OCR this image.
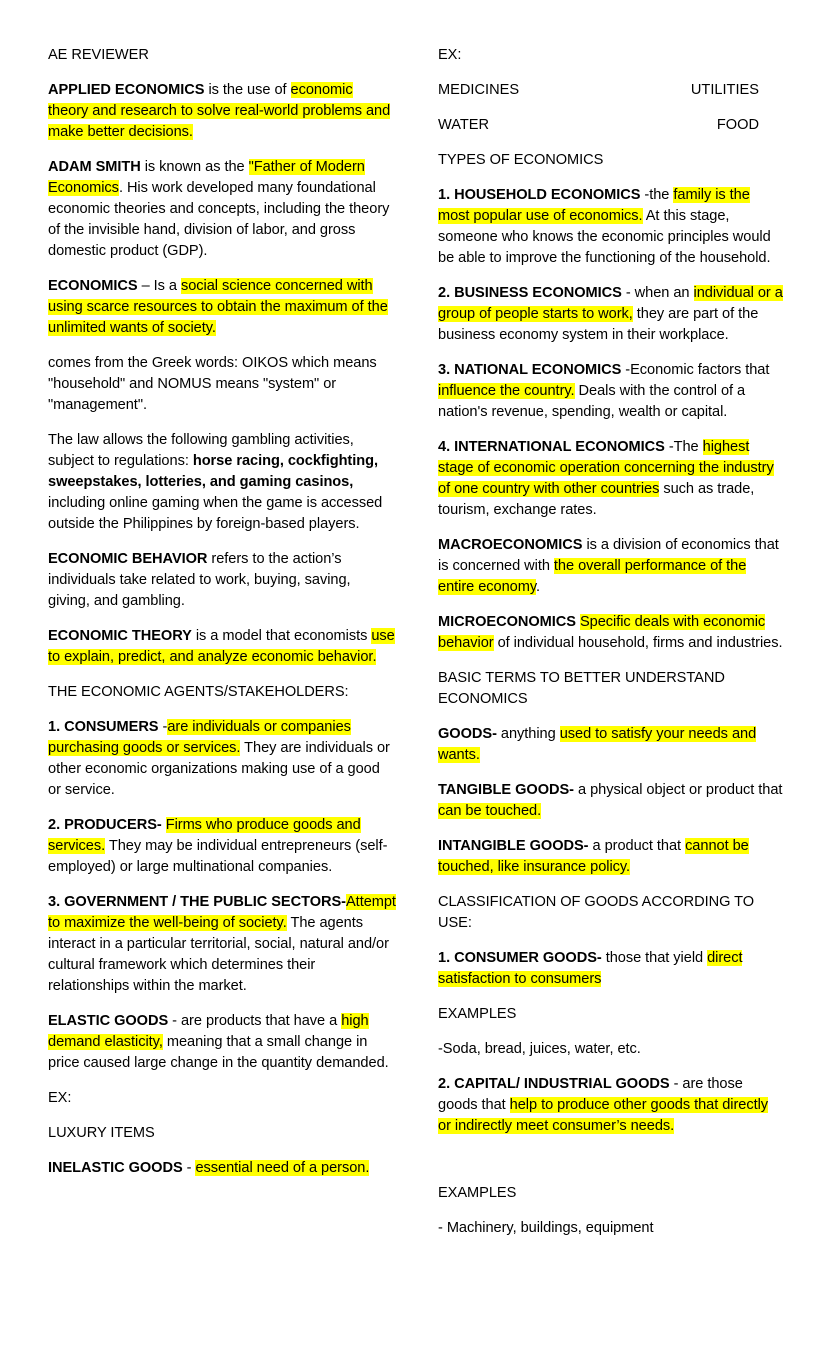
AE REVIEWER

APPLIED ECONOMICS is the use of economic theory and research to solve real-world problems and make better decisions.

ADAM SMITH is known as the "Father of Modern Economics. His work developed many foundational economic theories and concepts, including the theory of the invisible hand, division of labor, and gross domestic product (GDP).

ECONOMICS – Is a social science concerned with using scarce resources to obtain the maximum of the unlimited wants of society.

comes from the Greek words: OIKOS which means "household" and NOMUS means "system" or "management".

The law allows the following gambling activities, subject to regulations: horse racing, cockfighting, sweepstakes, lotteries, and gaming casinos, including online gaming when the game is accessed outside the Philippines by foreign-based players.

ECONOMIC BEHAVIOR refers to the action’s individuals take related to work, buying, saving, giving, and gambling.

ECONOMIC THEORY is a model that economists use to explain, predict, and analyze economic behavior.

THE ECONOMIC AGENTS/STAKEHOLDERS:

1. CONSUMERS -are individuals or companies purchasing goods or services. They are individuals or other economic organizations making use of a good or service.

2. PRODUCERS- Firms who produce goods and services. They may be individual entrepreneurs (self-employed) or large multinational companies.

3. GOVERNMENT / THE PUBLIC SECTORS-Attempt to maximize the well-being of society. The agents interact in a particular territorial, social, natural and/or cultural framework which determines their relationships within the market.

ELASTIC GOODS - are products that have a high demand elasticity, meaning that a small change in price caused large change in the quantity demanded.

EX:

LUXURY ITEMS

INELASTIC GOODS - essential need of a person.

EX:

MEDICINES	UTILITIES
WATER	FOOD

TYPES OF ECONOMICS

1. HOUSEHOLD ECONOMICS -the family is the most popular use of economics. At this stage, someone who knows the economic principles would be able to improve the functioning of the household.

2. BUSINESS ECONOMICS - when an individual or a group of people starts to work, they are part of the business economy system in their workplace.

3. NATIONAL ECONOMICS -Economic factors that influence the country. Deals with the control of a nation's revenue, spending, wealth or capital.

4. INTERNATIONAL ECONOMICS -The highest stage of economic operation concerning the industry of one country with other countries such as trade, tourism, exchange rates.

MACROECONOMICS is a division of economics that is concerned with the overall performance of the entire economy.

MICROECONOMICS Specific deals with economic behavior of individual household, firms and industries.

BASIC TERMS TO BETTER UNDERSTAND ECONOMICS

GOODS- anything used to satisfy your needs and wants.

TANGIBLE GOODS- a physical object or product that can be touched.

INTANGIBLE GOODS- a product that cannot be touched, like insurance policy.

CLASSIFICATION OF GOODS ACCORDING TO USE:

1. CONSUMER GOODS- those that yield direct satisfaction to consumers

EXAMPLES

-Soda, bread, juices, water, etc.

2. CAPITAL/ INDUSTRIAL GOODS - are those goods that help to produce other goods that directly or indirectly meet consumer’s needs.

EXAMPLES

- Machinery, buildings, equipment
